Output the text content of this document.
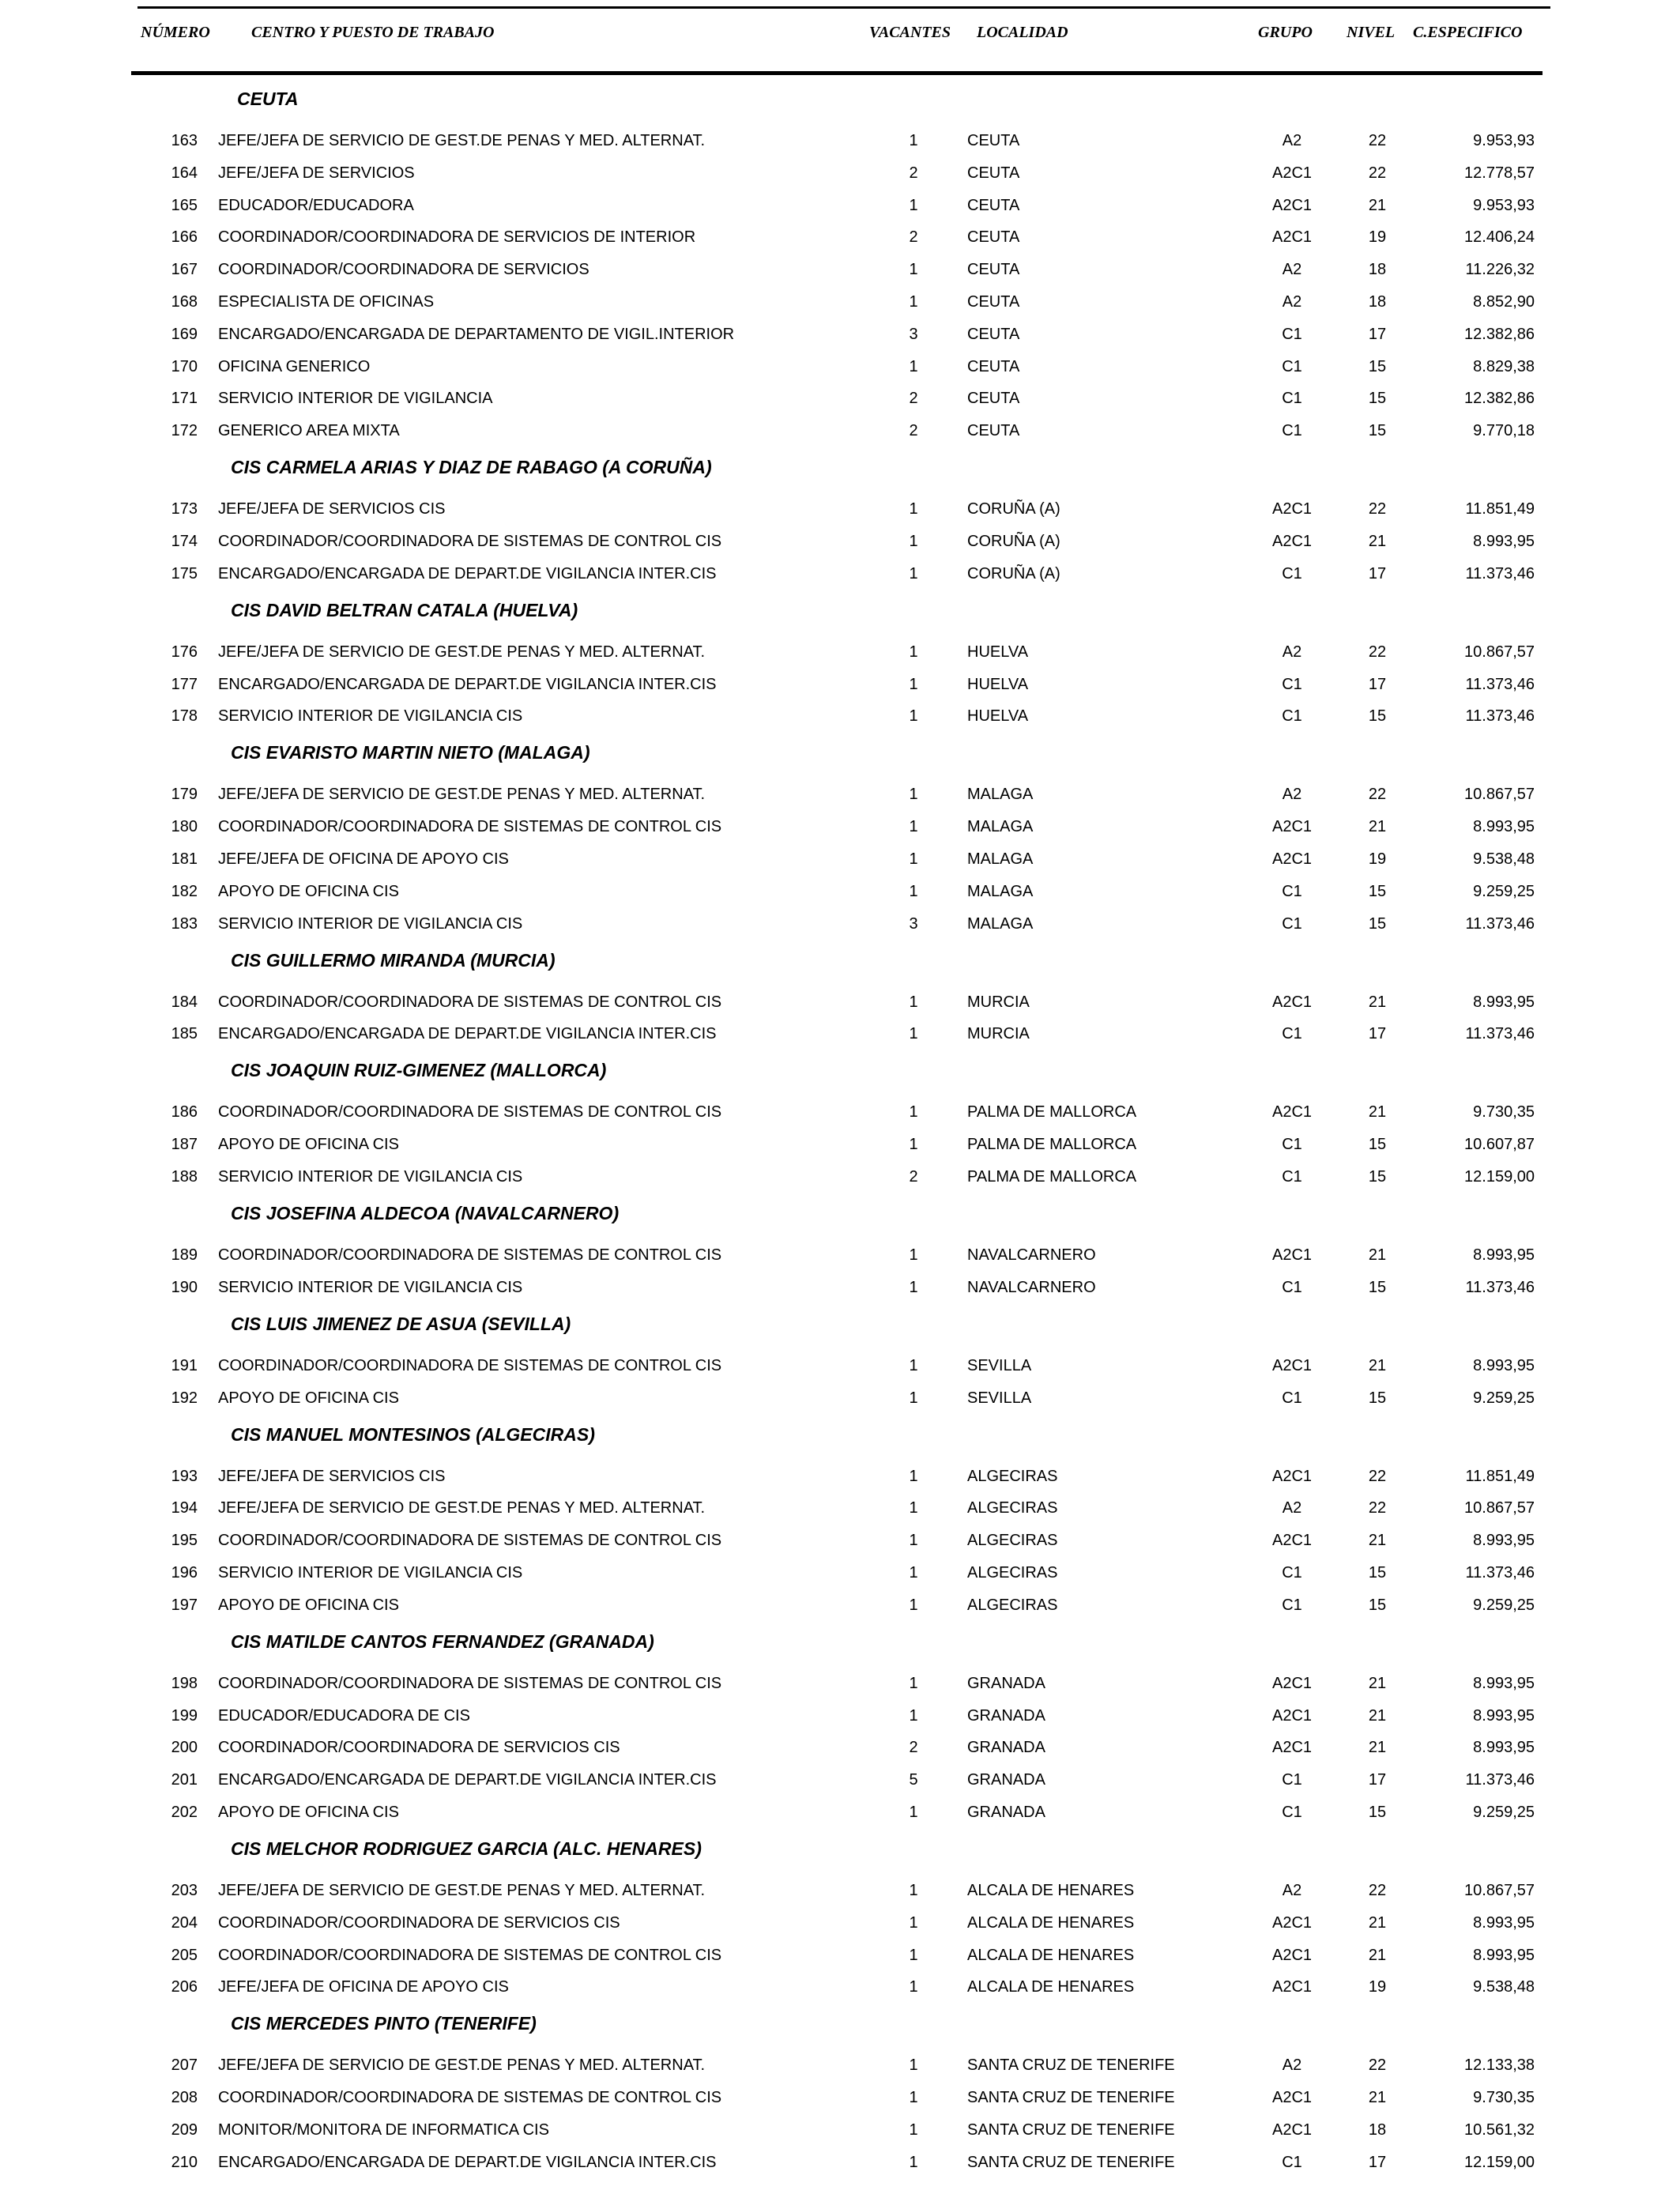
NÚMERO	CENTRO Y PUESTO DE TRABAJO	VACANTES LOCALIDAD	GRUPO NIVEL C.ESPECIFICO
CEUTA
163 JEFE/JEFA DE SERVICIO DE GEST.DE PENAS Y MED. ALTERNAT.	1	CEUTA	A2	22	9.953,93
164 JEFE/JEFA DE SERVICIOS	2	CEUTA	A2C1	22	12.778,57
165 EDUCADOR/EDUCADORA	1	CEUTA	A2C1	21	9.953,93
166 COORDINADOR/COORDINADORA DE SERVICIOS DE INTERIOR	2	CEUTA	A2C1	19	12.406,24
167 COORDINADOR/COORDINADORA DE SERVICIOS	1	CEUTA	A2	18	11.226,32
168 ESPECIALISTA DE OFICINAS	1	CEUTA	A2	18	8.852,90
169 ENCARGADO/ENCARGADA DE DEPARTAMENTO DE VIGIL.INTERIOR	3	CEUTA	C1	17	12.382,86
170 OFICINA GENERICO	1	CEUTA	C1	15	8.829,38
171 SERVICIO INTERIOR DE VIGILANCIA	2	CEUTA	C1	15	12.382,86
172 GENERICO AREA MIXTA	2	CEUTA	C1	15	9.770,18
CIS CARMELA ARIAS Y DIAZ DE RABAGO (A CORUÑA)
173 JEFE/JEFA DE SERVICIOS CIS	1	CORUÑA (A)	A2C1	22	11.851,49
174 COORDINADOR/COORDINADORA DE SISTEMAS DE CONTROL CIS	1	CORUÑA (A)	A2C1	21	8.993,95
175 ENCARGADO/ENCARGADA DE DEPART.DE VIGILANCIA INTER.CIS	1	CORUÑA (A)	C1	17	11.373,46
CIS DAVID BELTRAN CATALA (HUELVA)
176 JEFE/JEFA DE SERVICIO DE GEST.DE PENAS Y MED. ALTERNAT.	1	HUELVA	A2	22	10.867,57
177 ENCARGADO/ENCARGADA DE DEPART.DE VIGILANCIA INTER.CIS	1	HUELVA	C1	17	11.373,46
178 SERVICIO INTERIOR DE VIGILANCIA CIS	1	HUELVA	C1	15	11.373,46
CIS EVARISTO MARTIN NIETO (MALAGA)
179 JEFE/JEFA DE SERVICIO DE GEST.DE PENAS Y MED. ALTERNAT.	1	MALAGA	A2	22	10.867,57
180 COORDINADOR/COORDINADORA DE SISTEMAS DE CONTROL CIS	1	MALAGA	A2C1	21	8.993,95
181 JEFE/JEFA DE OFICINA DE APOYO CIS	1	MALAGA	A2C1	19	9.538,48
182 APOYO DE OFICINA CIS	1	MALAGA	C1	15	9.259,25
183 SERVICIO INTERIOR DE VIGILANCIA CIS	3	MALAGA	C1	15	11.373,46
CIS GUILLERMO MIRANDA (MURCIA)
184 COORDINADOR/COORDINADORA DE SISTEMAS DE CONTROL CIS	1	MURCIA	A2C1	21	8.993,95
185 ENCARGADO/ENCARGADA DE DEPART.DE VIGILANCIA INTER.CIS	1	MURCIA	C1	17	11.373,46
CIS JOAQUIN RUIZ-GIMENEZ (MALLORCA)
186 COORDINADOR/COORDINADORA DE SISTEMAS DE CONTROL CIS	1	PALMA DE MALLORCA	A2C1	21	9.730,35
187 APOYO DE OFICINA CIS	1	PALMA DE MALLORCA	C1	15	10.607,87
188 SERVICIO INTERIOR DE VIGILANCIA CIS	2	PALMA DE MALLORCA	C1	15	12.159,00
CIS JOSEFINA ALDECOA (NAVALCARNERO)
189 COORDINADOR/COORDINADORA DE SISTEMAS DE CONTROL CIS	1	NAVALCARNERO	A2C1	21	8.993,95
190 SERVICIO INTERIOR DE VIGILANCIA CIS	1	NAVALCARNERO	C1	15	11.373,46
CIS LUIS JIMENEZ DE ASUA (SEVILLA)
191 COORDINADOR/COORDINADORA DE SISTEMAS DE CONTROL CIS	1	SEVILLA	A2C1	21	8.993,95
192 APOYO DE OFICINA CIS	1	SEVILLA	C1	15	9.259,25
CIS MANUEL MONTESINOS (ALGECIRAS)
193 JEFE/JEFA DE SERVICIOS CIS	1	ALGECIRAS	A2C1	22	11.851,49
194 JEFE/JEFA DE SERVICIO DE GEST.DE PENAS Y MED. ALTERNAT.	1	ALGECIRAS	A2	22	10.867,57
195 COORDINADOR/COORDINADORA DE SISTEMAS DE CONTROL CIS	1	ALGECIRAS	A2C1	21	8.993,95
196 SERVICIO INTERIOR DE VIGILANCIA CIS	1	ALGECIRAS	C1	15	11.373,46
197 APOYO DE OFICINA CIS	1	ALGECIRAS	C1	15	9.259,25
CIS MATILDE CANTOS FERNANDEZ (GRANADA)
198 COORDINADOR/COORDINADORA DE SISTEMAS DE CONTROL CIS	1	GRANADA	A2C1	21	8.993,95
199 EDUCADOR/EDUCADORA DE CIS	1	GRANADA	A2C1	21	8.993,95
200 COORDINADOR/COORDINADORA DE SERVICIOS CIS	2	GRANADA	A2C1	21	8.993,95
201 ENCARGADO/ENCARGADA DE DEPART.DE VIGILANCIA INTER.CIS	5	GRANADA	C1	17	11.373,46
202 APOYO DE OFICINA CIS	1	GRANADA	C1	15	9.259,25
CIS MELCHOR RODRIGUEZ GARCIA (ALC. HENARES)
203 JEFE/JEFA DE SERVICIO DE GEST.DE PENAS Y MED. ALTERNAT.	1	ALCALA DE HENARES	A2	22	10.867,57
204 COORDINADOR/COORDINADORA DE SERVICIOS CIS	1	ALCALA DE HENARES	A2C1	21	8.993,95
205 COORDINADOR/COORDINADORA DE SISTEMAS DE CONTROL CIS	1	ALCALA DE HENARES	A2C1	21	8.993,95
206 JEFE/JEFA DE OFICINA DE APOYO CIS	1	ALCALA DE HENARES	A2C1	19	9.538,48
CIS MERCEDES PINTO (TENERIFE)
207 JEFE/JEFA DE SERVICIO DE GEST.DE PENAS Y MED. ALTERNAT.	1	SANTA CRUZ DE TENERIFE	A2	22	12.133,38
208 COORDINADOR/COORDINADORA DE SISTEMAS DE CONTROL CIS	1	SANTA CRUZ DE TENERIFE	A2C1	21	9.730,35
209 MONITOR/MONITORA DE INFORMATICA CIS	1	SANTA CRUZ DE TENERIFE	A2C1	18	10.561,32
210 ENCARGADO/ENCARGADA DE DEPART.DE VIGILANCIA INTER.CIS	1	SANTA CRUZ DE TENERIFE	C1	17	12.159,00
